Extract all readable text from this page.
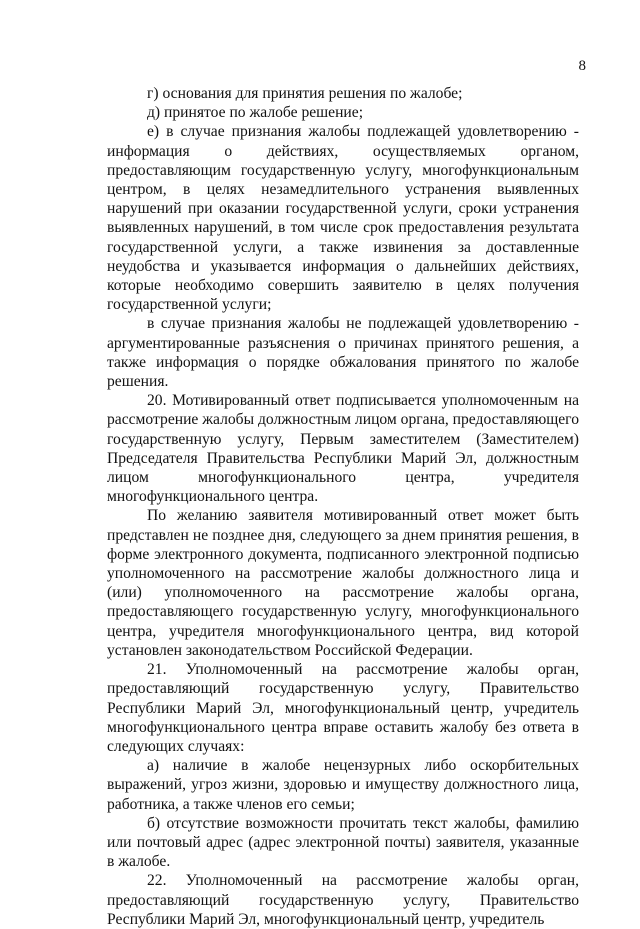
8

г) основания для принятия решения по жалобе;

д) принятое по жалобе решение;

е) в случае признания жалобы подлежащей удовлетворению - информация о действиях, осуществляемых органом, предоставляющим государственную услугу, многофункциональным центром, в целях незамедлительного устранения выявленных нарушений при оказании государственной услуги, сроки устранения выявленных нарушений, в том числе срок предоставления результата государственной услуги, а также извинения за доставленные неудобства и указывается информация о дальнейших действиях, которые необходимо совершить заявителю в целях получения государственной услуги;

в случае признания жалобы не подлежащей удовлетворению - аргументированные разъяснения о причинах принятого решения, а также информация о порядке обжалования принятого по жалобе решения.

20. Мотивированный ответ подписывается уполномоченным на рассмотрение жалобы должностным лицом органа, предоставляющего государственную услугу, Первым заместителем (Заместителем) Председателя Правительства Республики Марий Эл, должностным лицом многофункционального центра, учредителя многофункционального центра.

По желанию заявителя мотивированный ответ может быть представлен не позднее дня, следующего за днем принятия решения, в форме электронного документа, подписанного электронной подписью уполномоченного на рассмотрение жалобы должностного лица и (или) уполномоченного на рассмотрение жалобы органа, предоставляющего государственную услугу, многофункционального центра, учредителя многофункционального центра, вид которой установлен законодательством Российской Федерации.

21. Уполномоченный на рассмотрение жалобы орган, предоставляющий государственную услугу, Правительство Республики Марий Эл, многофункциональный центр, учредитель многофункционального центра вправе оставить жалобу без ответа в следующих случаях:

а) наличие в жалобе нецензурных либо оскорбительных выражений, угроз жизни, здоровью и имуществу должностного лица, работника, а также членов его семьи;

б) отсутствие возможности прочитать текст жалобы, фамилию или почтовый адрес (адрес электронной почты) заявителя, указанные в жалобе.

22. Уполномоченный на рассмотрение жалобы орган, предоставляющий государственную услугу, Правительство Республики Марий Эл, многофункциональный центр, учредитель
